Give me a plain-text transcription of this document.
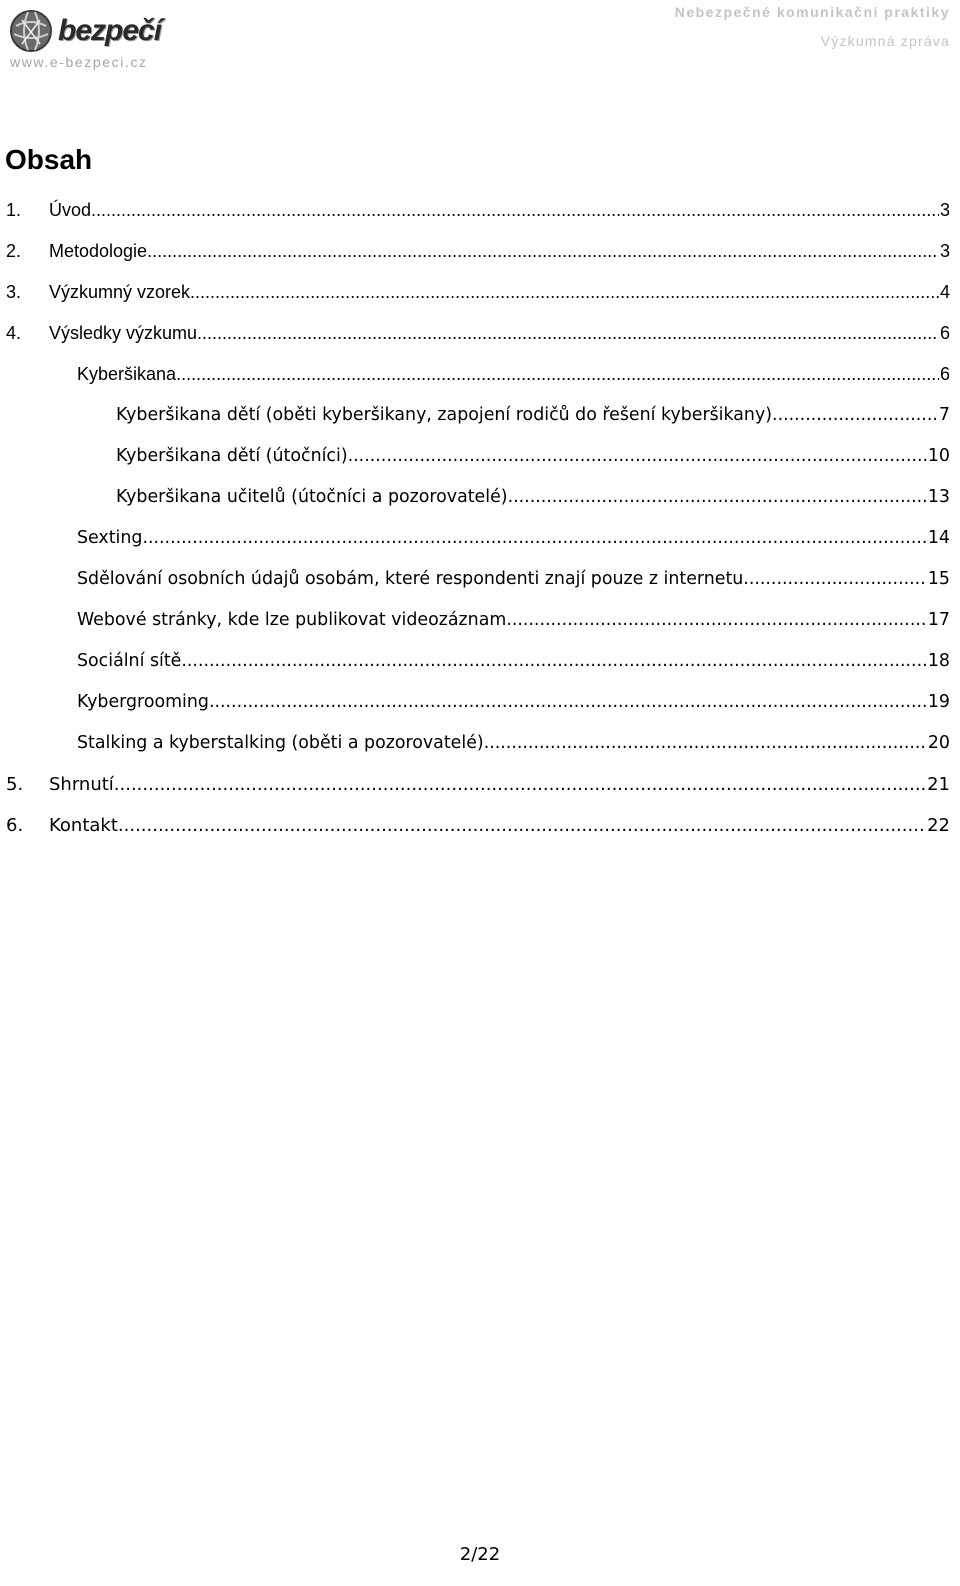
bezpečí
www.e-bezpeci.cz
Nebezpečné komunikační praktiky
Výzkumná zpráva
Obsah
1.	Úvod .....	3
2.	Metodologie .....	3
3.	Výzkumný vzorek .....	4
4.	Výsledky výzkumu .....	6
Kyberšikana .....	6
Kyberšikana dětí (oběti kyberšikany, zapojení rodičů do řešení kyberšikany) .....	7
Kyberšikana dětí (útočníci) .....	10
Kyberšikana učitelů (útočníci a pozorovatelé) .....	13
Sexting .....	14
Sdělování osobních údajů osobám, které respondenti znají pouze z internetu .....	15
Webové stránky, kde lze publikovat videozáznam .....	17
Sociální sítě .....	18
Kybergrooming .....	19
Stalking a kyberstalking (oběti a pozorovatelé) .....	20
5.	Shrnutí .....	21
6.	Kontakt .....	22
2/22
